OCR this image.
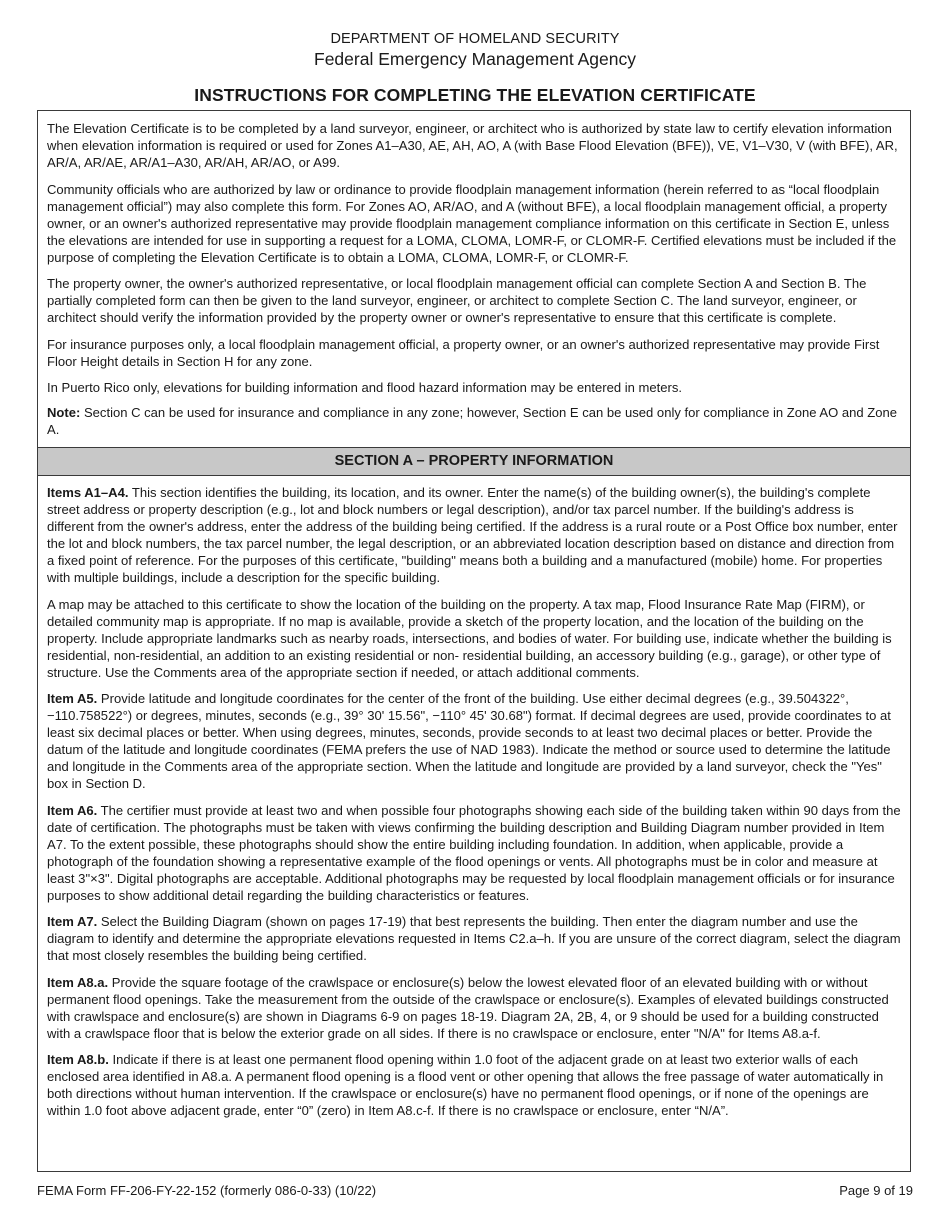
DEPARTMENT OF HOMELAND SECURITY
Federal Emergency Management Agency
INSTRUCTIONS FOR COMPLETING THE ELEVATION CERTIFICATE

The Elevation Certificate is to be completed by a land surveyor, engineer, or architect who is authorized by state law to certify elevation information when elevation information is required or used for Zones A1–A30, AE, AH, AO, A (with Base Flood Elevation (BFE)), VE, V1–V30, V (with BFE), AR, AR/A, AR/AE, AR/A1–A30, AR/AH, AR/AO, or A99.

Community officials who are authorized by law or ordinance to provide floodplain management information (herein referred to as “local floodplain management official”) may also complete this form. For Zones AO, AR/AO, and A (without BFE), a local floodplain management official, a property owner, or an owner's authorized representative may provide floodplain management compliance information on this certificate in Section E, unless the elevations are intended for use in supporting a request for a LOMA, CLOMA, LOMR-F, or CLOMR-F. Certified elevations must be included if the purpose of completing the Elevation Certificate is to obtain a LOMA, CLOMA, LOMR-F, or CLOMR-F.

The property owner, the owner's authorized representative, or local floodplain management official can complete Section A and Section B. The partially completed form can then be given to the land surveyor, engineer, or architect to complete Section C. The land surveyor, engineer, or architect should verify the information provided by the property owner or owner's representative to ensure that this certificate is complete.

For insurance purposes only, a local floodplain management official, a property owner, or an owner's authorized representative may provide First Floor Height details in Section H for any zone.

In Puerto Rico only, elevations for building information and flood hazard information may be entered in meters.

Note: Section C can be used for insurance and compliance in any zone; however, Section E can be used only for compliance in Zone AO and Zone A.

SECTION A – PROPERTY INFORMATION

Items A1–A4. This section identifies the building, its location, and its owner. Enter the name(s) of the building owner(s), the building's complete street address or property description (e.g., lot and block numbers or legal description), and/or tax parcel number. If the building's address is different from the owner's address, enter the address of the building being certified. If the address is a rural route or a Post Office box number, enter the lot and block numbers, the tax parcel number, the legal description, or an abbreviated location description based on distance and direction from a fixed point of reference. For the purposes of this certificate, "building" means both a building and a manufactured (mobile) home. For properties with multiple buildings, include a description for the specific building.

A map may be attached to this certificate to show the location of the building on the property. A tax map, Flood Insurance Rate Map (FIRM), or detailed community map is appropriate. If no map is available, provide a sketch of the property location, and the location of the building on the property. Include appropriate landmarks such as nearby roads, intersections, and bodies of water. For building use, indicate whether the building is residential, non-residential, an addition to an existing residential or non- residential building, an accessory building (e.g., garage), or other type of structure. Use the Comments area of the appropriate section if needed, or attach additional comments.

Item A5. Provide latitude and longitude coordinates for the center of the front of the building. Use either decimal degrees (e.g., 39.504322°, −110.758522°) or degrees, minutes, seconds (e.g., 39° 30' 15.56", −110° 45' 30.68") format. If decimal degrees are used, provide coordinates to at least six decimal places or better. When using degrees, minutes, seconds, provide seconds to at least two decimal places or better. Provide the datum of the latitude and longitude coordinates (FEMA prefers the use of NAD 1983). Indicate the method or source used to determine the latitude and longitude in the Comments area of the appropriate section. When the latitude and longitude are provided by a land surveyor, check the "Yes" box in Section D.

Item A6. The certifier must provide at least two and when possible four photographs showing each side of the building taken within 90 days from the date of certification. The photographs must be taken with views confirming the building description and Building Diagram number provided in Item A7. To the extent possible, these photographs should show the entire building including foundation. In addition, when applicable, provide a photograph of the foundation showing a representative example of the flood openings or vents. All photographs must be in color and measure at least 3"×3". Digital photographs are acceptable. Additional photographs may be requested by local floodplain management officials or for insurance purposes to show additional detail regarding the building characteristics or features.

Item A7. Select the Building Diagram (shown on pages 17-19) that best represents the building. Then enter the diagram number and use the diagram to identify and determine the appropriate elevations requested in Items C2.a–h. If you are unsure of the correct diagram, select the diagram that most closely resembles the building being certified.

Item A8.a. Provide the square footage of the crawlspace or enclosure(s) below the lowest elevated floor of an elevated building with or without permanent flood openings. Take the measurement from the outside of the crawlspace or enclosure(s). Examples of elevated buildings constructed with crawlspace and enclosure(s) are shown in Diagrams 6-9 on pages 18-19. Diagram 2A, 2B, 4, or 9 should be used for a building constructed with a crawlspace floor that is below the exterior grade on all sides. If there is no crawlspace or enclosure, enter "N/A" for Items A8.a-f.

Item A8.b. Indicate if there is at least one permanent flood opening within 1.0 foot of the adjacent grade on at least two exterior walls of each enclosed area identified in A8.a. A permanent flood opening is a flood vent or other opening that allows the free passage of water automatically in both directions without human intervention. If the crawlspace or enclosure(s) have no permanent flood openings, or if none of the openings are within 1.0 foot above adjacent grade, enter “0” (zero) in Item A8.c-f. If there is no crawlspace or enclosure, enter “N/A”.

FEMA Form FF-206-FY-22-152 (formerly 086-0-33) (10/22)	Page 9 of 19
